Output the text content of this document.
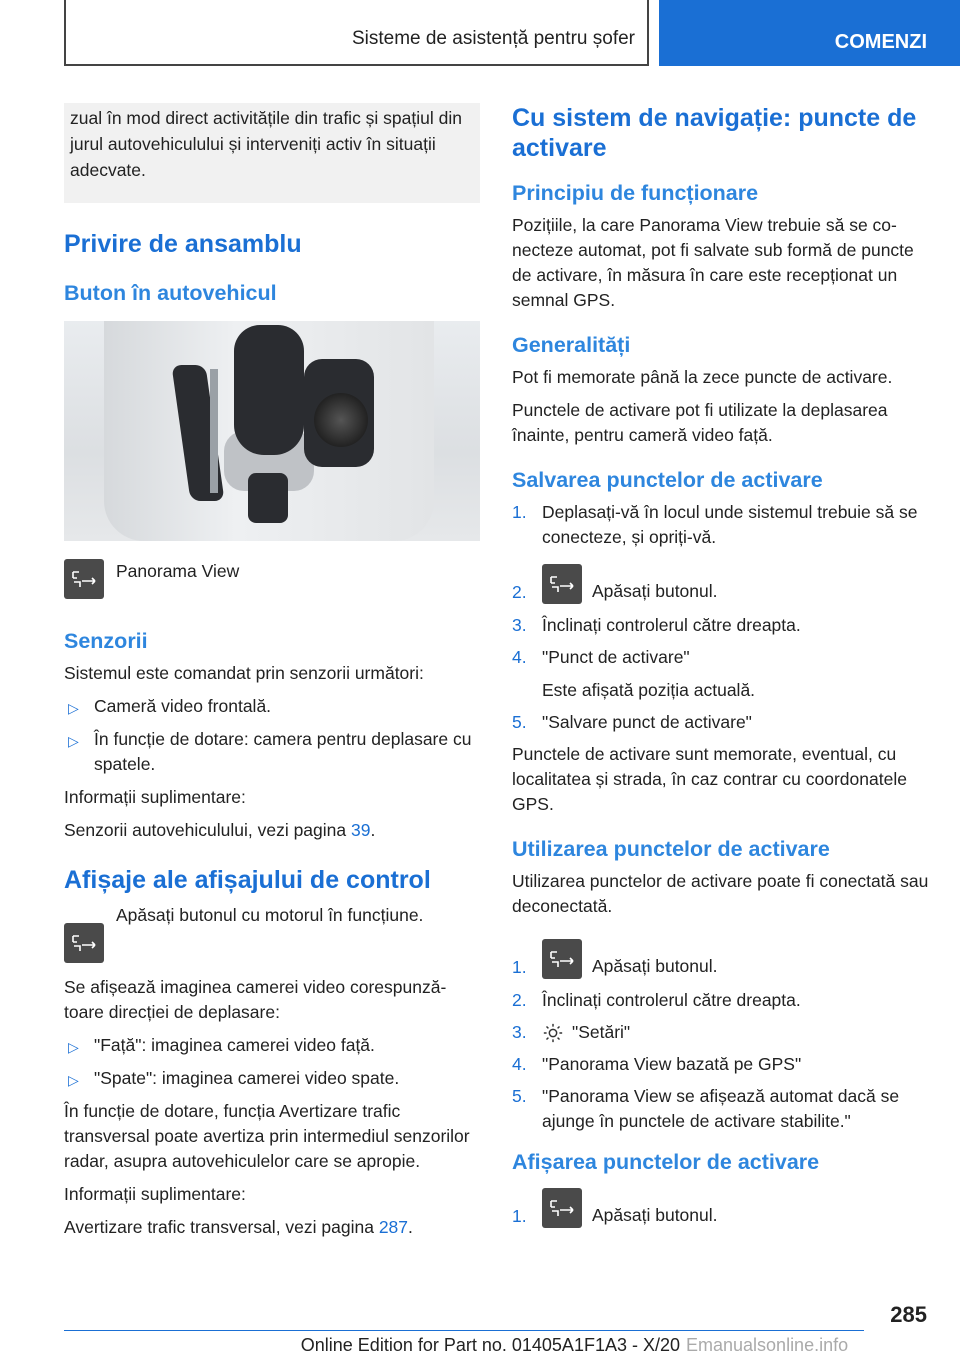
Sisteme de asistență pentru șofer	COMENZI
zual în mod direct activitățile din trafic și spațiul din jurul autovehiculului și interveniți activ în situații adecvate.
Privire de ansamblu
Buton în autovehicul
Panorama View
Senzorii

Sistemul este comandat prin senzorii următori:

▷ Cameră video frontală.
▷ În funcție de dotare: camera pentru deplasare cu spatele.

Informații suplimentare:

Senzorii autovehiculului, vezi pagina 39.

Afișaje ale afișajului de control
Apăsați butonul cu motorul în funcțiune.

Se afișează imaginea camerei video corespunzătoare direcției de deplasare:

▷ "Față": imaginea camerei video față.
▷ "Spate": imaginea camerei video spate.

În funcție de dotare, funcția Avertizare trafic transversal poate avertiza prin intermediul senzorilor radar, asupra autovehiculelor care se apropie.

Informații suplimentare:

Avertizare trafic transversal, vezi pagina 287.

Cu sistem de navigație: puncte de activare
Principiu de funcționare

Pozițiile, la care Panorama View trebuie să se conecteze automat, pot fi salvate sub formă de puncte de activare, în măsura în care este recepționat un semnal GPS.

Generalități

Pot fi memorate până la zece puncte de activare.

Punctele de activare pot fi utilizate la deplasarea înainte, pentru cameră video față.

Salvarea punctelor de activare
1. Deplasați-vă în locul unde sistemul trebuie să se conecteze, și opriți-vă.
2.	Apăsați butonul.
3. Înclinați controlerul către dreapta.
4. "Punct de activare"
Este afișată poziția actuală.
5. "Salvare punct de activare"

Punctele de activare sunt memorate, eventual, cu localitatea și strada, în caz contrar cu coordonatele GPS.

Utilizarea punctelor de activare

Utilizarea punctelor de activare poate fi conectată sau deconectată.

1.	Apăsați butonul.
2. Înclinați controlerul către dreapta.
3.	"Setări"
4. "Panorama View bazată pe GPS"
5. "Panorama View se afișează automat dacă se ajunge în punctele de activare stabilite."
Afișarea punctelor de activare
1.	Apăsați butonul.
285
Online Edition for Part no. 01405A1F1A3 - X/20 Emanualsonline.info
